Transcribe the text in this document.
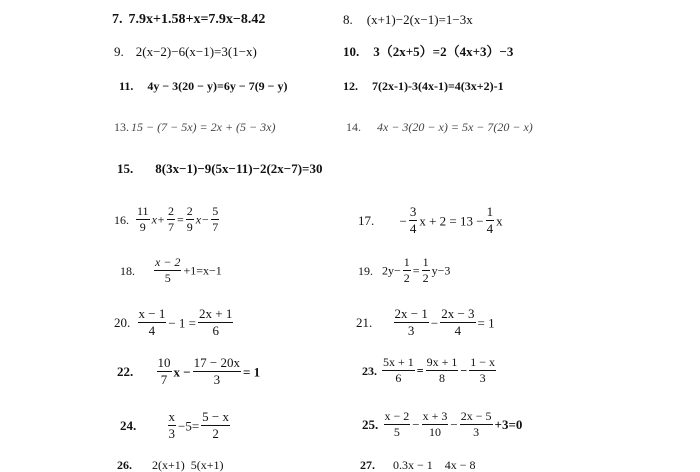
7. 7.9x+1.58+x=7.9x−8.42	8. (x+1)−2(x−1)=1−3x
9. 2(x−2)−6(x−1)=3(1−x)	10. 3（2x+5）=2（4x+3）−3
11. 4y − 3(20 − y)=6y − 7(9 − y)	12. 7(2x-1)-3(4x-1)=4(3x+2)-1
13. 15 − (7 − 5x) = 2x + (5 − 3x)	14. 4x − 3(20 − x) = 5x − 7(20 − x)
15. 8(3x−1)−9(5x−11)−2(2x−7)=30
16. $\frac{11}{9} x+ \frac{2}{7} = \frac{2}{9} x- \frac{5}{7}$	17. − $\frac{3}{4}$ $x + 2 = 13 - \frac{1}{4}$ x
18. $\frac{x - 2}{5} +1=x-1$	19. $2y- \frac{1}{2} = \frac{1}{2} y-3$
20. $\frac{x - 1}{4} - 1 = \frac{2x + 1}{6}$	21. $\frac{2x - 1}{3} - \frac{2x - 3}{4} = 1$
22. $\frac{10}{7}$ $x - \frac{17 - 20x}{3} = 1$	23. $\frac{5x + 1}{6} = \frac{9x + 1}{8} - \frac{1 - x}{3}$
24. $\frac{x}{3} -5= \frac{5 - x}{2}$	25. $\frac{x - 2}{5} - \frac{x + 3}{10} - \frac{2x - 5}{3} +3=0$
26. 2(x+1) 5(x+1)	27. 0.3x − 1 4x − 8
